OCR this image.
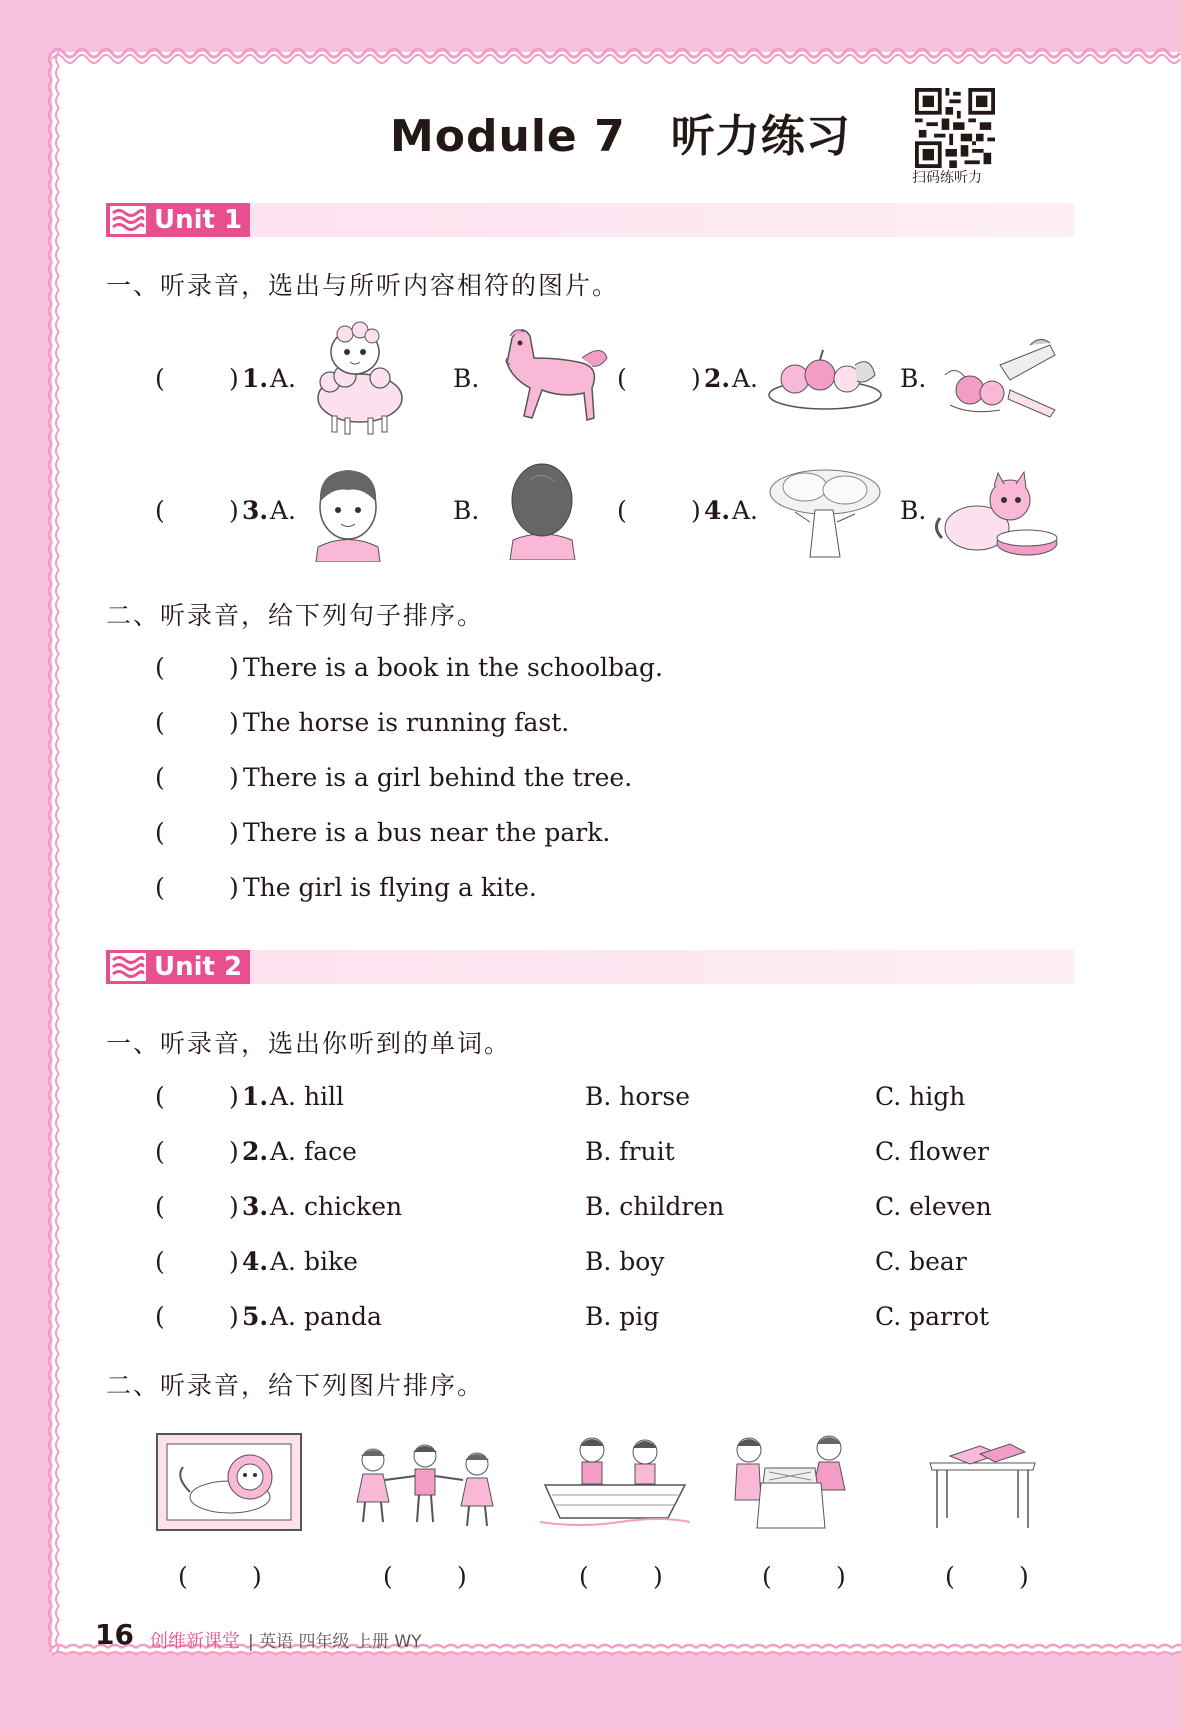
Module 7　听力练习
扫码练听力
Unit 1
一、听录音，选出与所听内容相符的图片。
(	) 1. A.	B.	(	) 2. A.	B.
(	) 3. A.	B.	(	) 4. A.	B.
二、听录音，给下列句子排序。
(	) There is a book in the schoolbag.
(	) The horse is running fast.
(	) There is a girl behind the tree.
(	) There is a bus near the park.
(	) The girl is flying a kite.
Unit 2
一、听录音，选出你听到的单词。
(	) 1. A. hill	B. horse	C. high
(	) 2. A. face	B. fruit	C. flower
(	) 3. A. chicken	B. children	C. eleven
(	) 4. A. bike	B. boy	C. bear
(	) 5. A. panda	B. pig	C. parrot
二、听录音，给下列图片排序。
(	)	(	)	(	)	(	)	(	)
16 创维新课堂 | 英语 四年级 上册 WY
